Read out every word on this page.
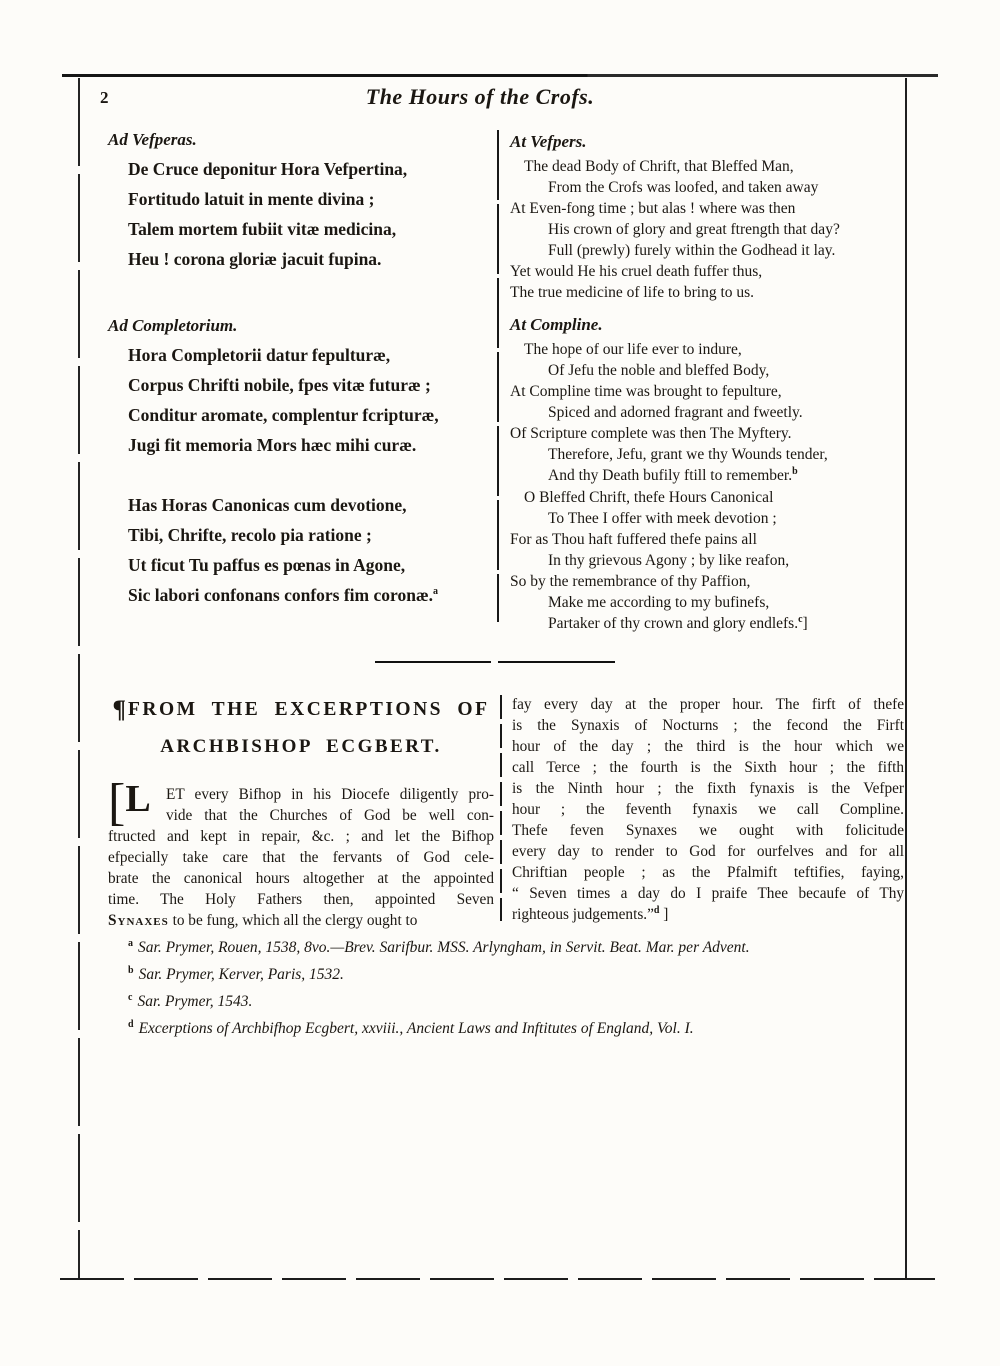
2	The Hours of the Crofs.
Ad Vefperas.
De Cruce deponitur Hora Vefpertina,
Fortitudo latuit in mente divina ;
Talem mortem fubiit vitæ medicina,
Heu ! corona gloriæ jacuit fupina.
Ad Completorium.
Hora Completorii datur fepulturæ,
Corpus Chrifti nobile, fpes vitæ futuræ ;
Conditur aromate, complentur fcripturæ,
Jugi fit memoria Mors hæc mihi curæ.
Has Horas Canonicas cum devotione,
Tibi, Chrifte, recolo pia ratione ;
Ut ficut Tu paffus es pœnas in Agone,
Sic labori confonans confors fim coronæ.$^a$
At Vefpers.
The dead Body of Chrift, that Bleffed Man,
From the Crofs was loofed, and taken away
At Even-fong time ; but alas ! where was then
His crown of glory and great ftrength that day?
Full (prewly) furely within the Godhead it lay.
Yet would He his cruel death fuffer thus,
The true medicine of life to bring to us.
At Compline.
The hope of our life ever to indure,
Of Jefu the noble and bleffed Body,
At Compline time was brought to fepulture,
Spiced and adorned fragrant and fweetly.
Of Scripture complete was then The Myftery.
Therefore, Jefu, grant we thy Wounds tender,
And thy Death bufily ftill to remember.$^b$
O Bleffed Chrift, thefe Hours Canonical
To Thee I offer with meek devotion ;
For as Thou haft fuffered thefe pains all
In thy grievous Agony ; by like reafon,
So by the remembrance of thy Paffion,
Make me according to my bufinefs,
Partaker of thy crown and glory endlefs.$^c$]
¶ FROM THE EXCERPTIONS OF
ARCHBISHOP ECGBERT.
[L	ET every Bifhop in his Diocefe diligently pro-
vide that the Churches of God be well con-
ftructed and kept in repair, &c. ; and let the Bifhop
efpecially take care that the fervants of God cele-
brate the canonical hours altogether at the appointed
time. The Holy Fathers then, appointed Seven
Synaxes to be fung, which all the clergy ought to
fay every day at the proper hour. The firft of thefe
is the Synaxis of Nocturns ; the fecond the Firft
hour of the day ; the third is the hour which we
call Terce ; the fourth is the Sixth hour ; the fifth
is the Ninth hour ; the fixth fynaxis is the Vefper
hour ; the feventh fynaxis we call Compline.
Thefe feven Synaxes we ought with folicitude
every day to render to God for ourfelves and for all
Chriftian people ; as the Pfalmift teftifies, faying,
“ Seven times a day do I praife Thee becaufe of Thy
righteous judgements.”$^d$ ]
$^a$ Sar. Prymer, Rouen, 1538, 8vo.—Brev. Sarifbur. MSS. Arlyngham, in Servit. Beat. Mar. per Advent.
$^b$ Sar. Prymer, Kerver, Paris, 1532.
$^c$ Sar. Prymer, 1543.
$^d$ Excerptions of Archbifhop Ecgbert, xxviii., Ancient Laws and Inftitutes of England, Vol. I.
